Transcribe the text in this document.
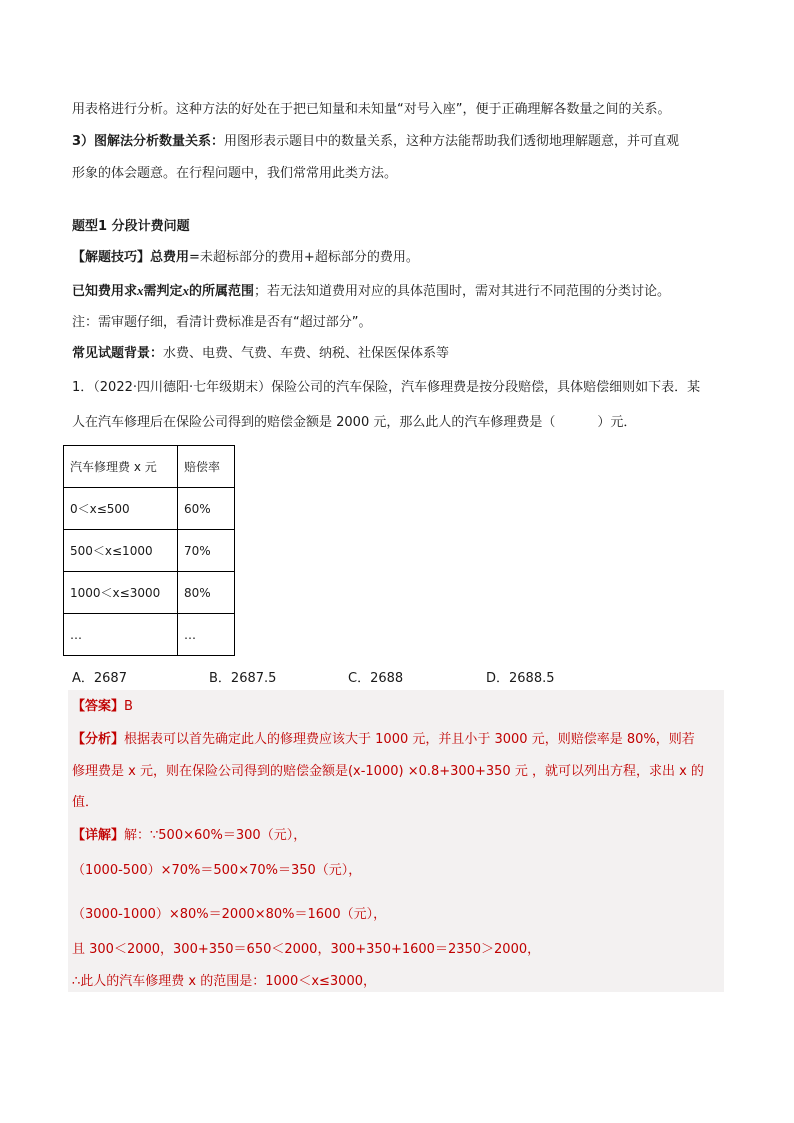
用表格进行分析。这种方法的好处在于把已知量和未知量“对号入座”，便于正确理解各数量之间的关系。
3）图解法分析数量关系：用图形表示题目中的数量关系，这种方法能帮助我们透彻地理解题意，并可直观
形象的体会题意。在行程问题中，我们常常用此类方法。
题型1 分段计费问题
【解题技巧】总费用=未超标部分的费用+超标部分的费用。
已知费用求x需判定x的所属范围；若无法知道费用对应的具体范围时，需对其进行不同范围的分类讨论。
注：需审题仔细，看清计费标准是否有“超过部分”。
常见试题背景：水费、电费、气费、车费、纳税、社保医保体系等
1．（2022·四川德阳·七年级期末）保险公司的汽车保险，汽车修理费是按分段赔偿，具体赔偿细则如下表．某
人在汽车修理后在保险公司得到的赔偿金额是 2000 元，那么此人的汽车修理费是（	）元．
汽车修理费 x 元	赔偿率
0＜x≤500	60%
500＜x≤1000	70%
1000＜x≤3000	80%
…	…
A．2687	B．2687.5	C．2688	D．2688.5
【答案】B
【分析】根据表可以首先确定此人的修理费应该大于 1000 元，并且小于 3000 元，则赔偿率是 80%，则若
修理费是 x 元，则在保险公司得到的赔偿金额是(x-1000) ×0.8+300+350 元 ，就可以列出方程，求出 x 的
值．
【详解】解：∵500×60%＝300（元），
（1000-500）×70%＝500×70%＝350（元），
（3000-1000）×80%＝2000×80%＝1600（元），
且 300＜2000，300+350＝650＜2000，300+350+1600＝2350＞2000，
∴此人的汽车修理费 x 的范围是：1000＜x≤3000，
